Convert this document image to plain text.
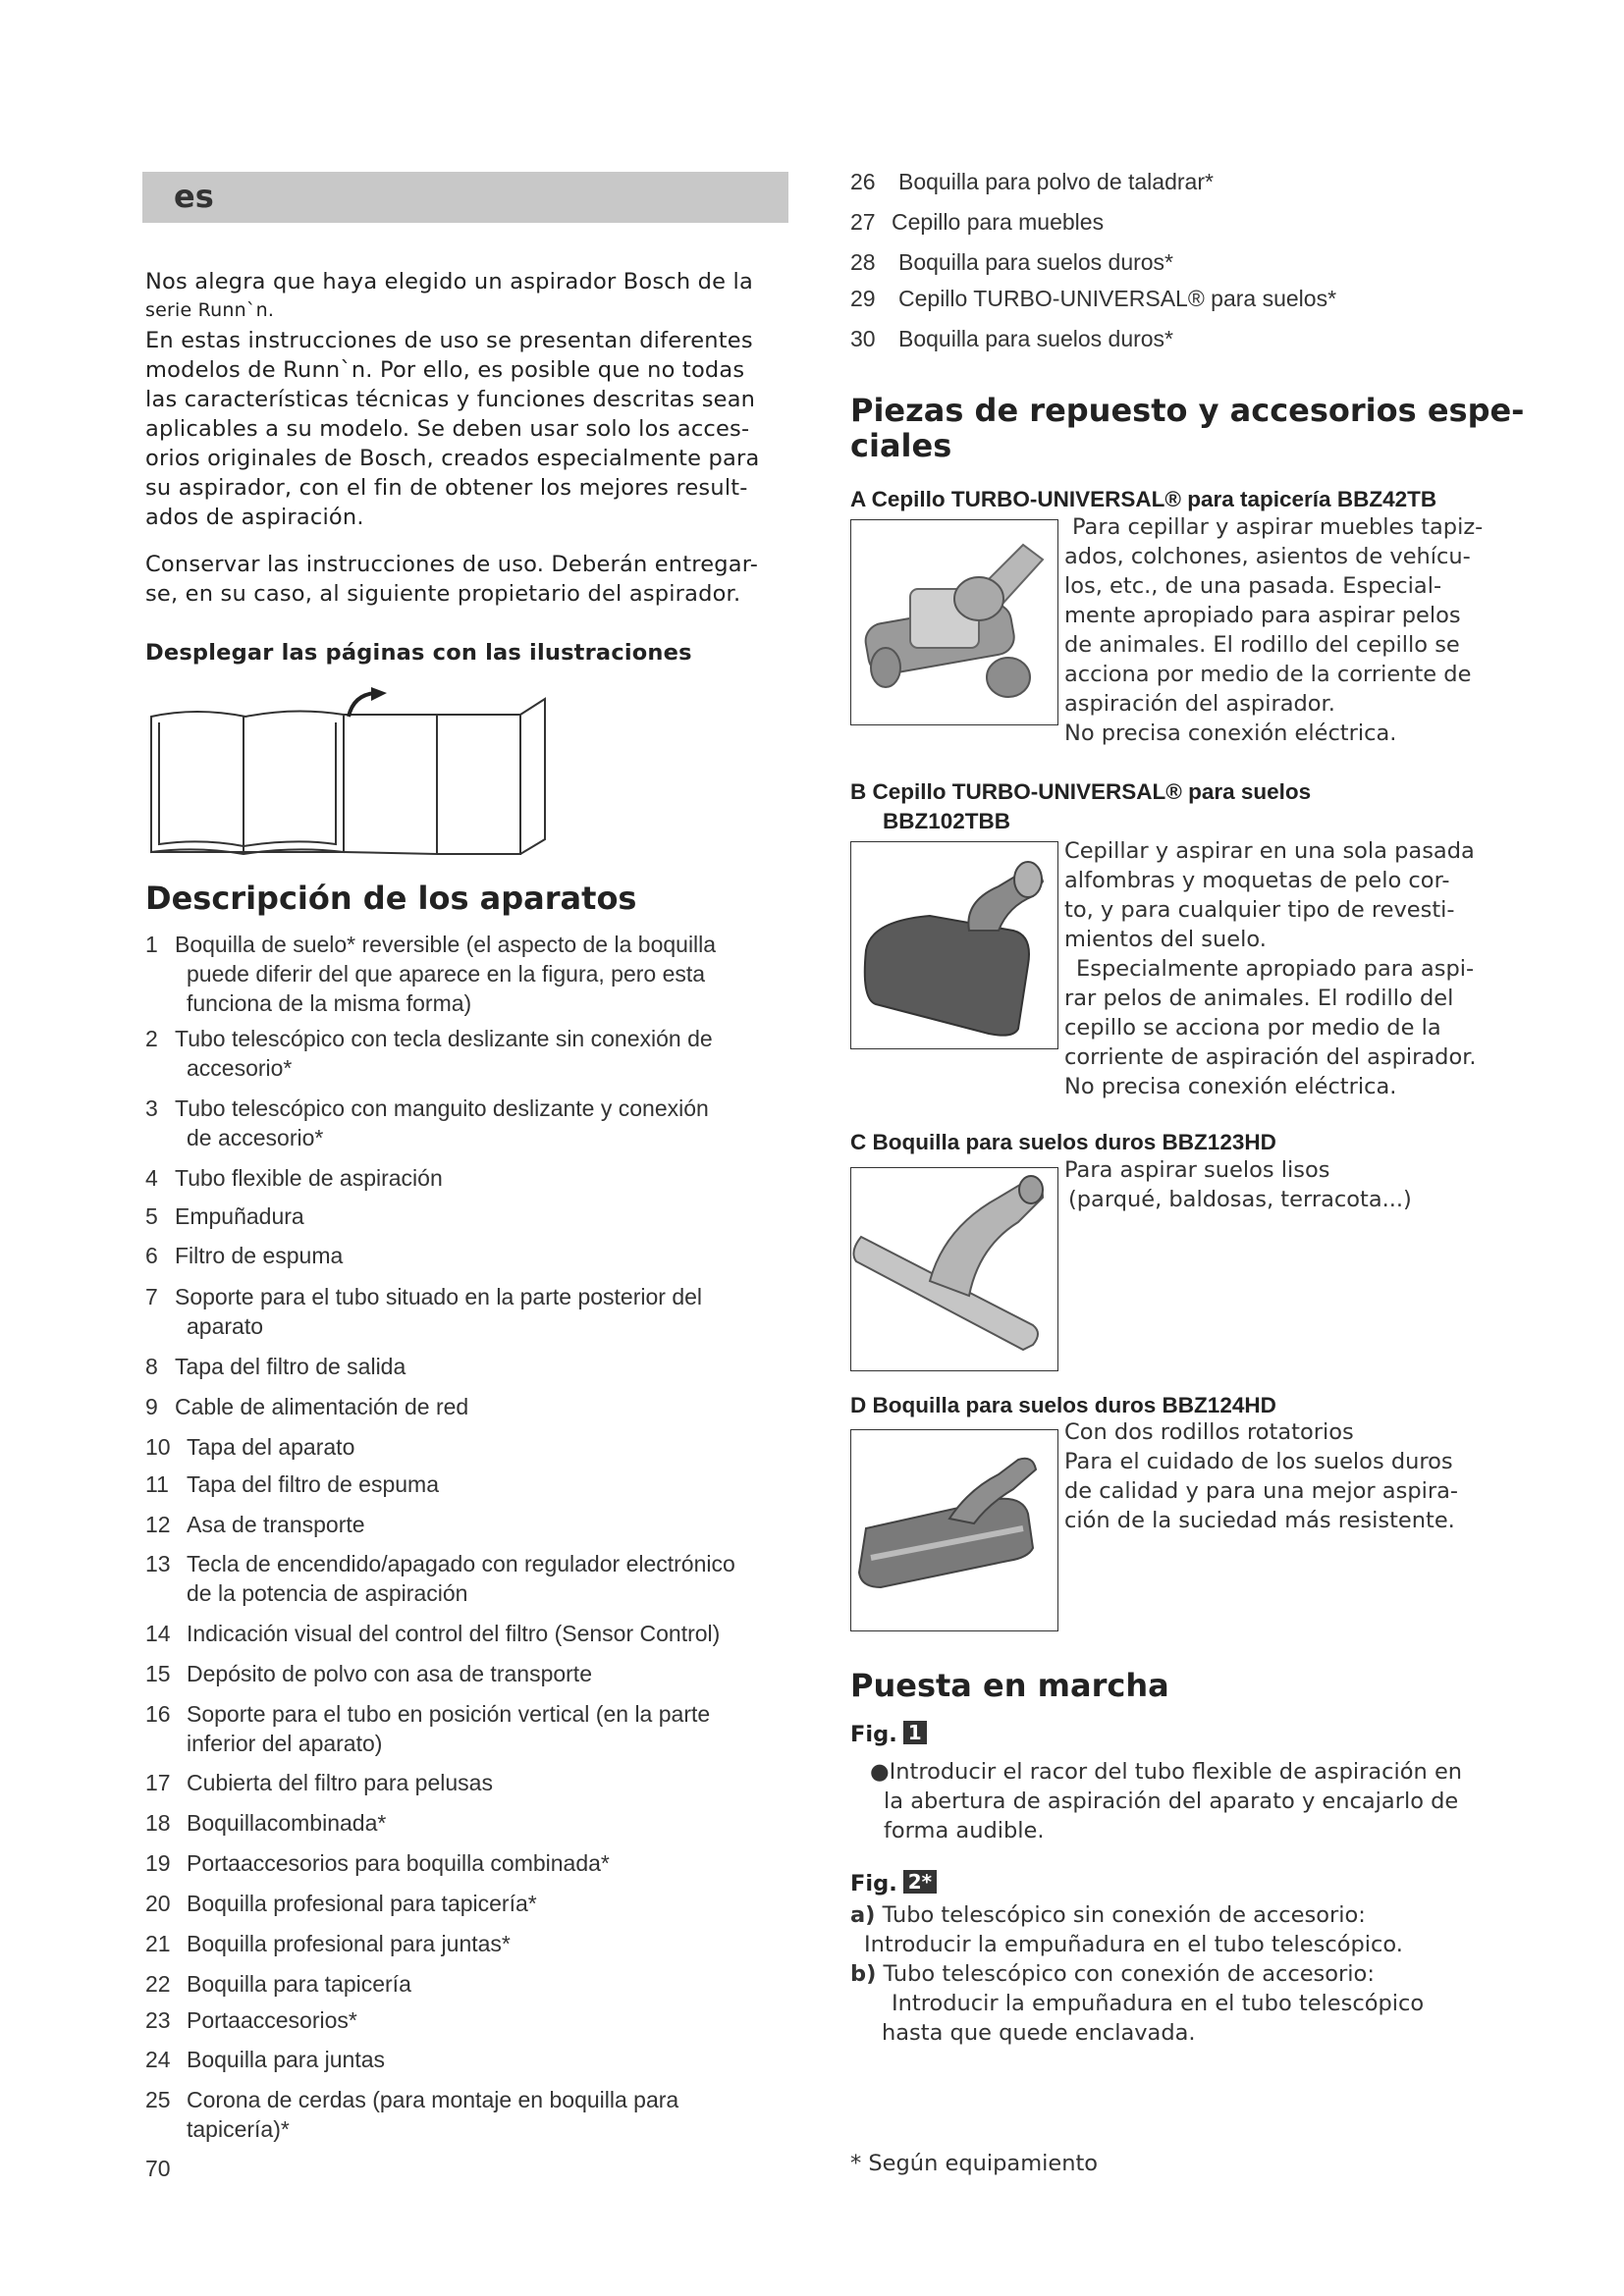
es
Nos alegra que haya elegido un aspirador Bosch de la
serie Runn`n.
En estas instrucciones de uso se presentan diferentes
modelos de Runn`n. Por ello, es posible que no todas
las características técnicas y funciones descritas sean
aplicables a su modelo. Se deben usar solo los acces-
orios originales de Bosch, creados especialmente para
su aspirador, con el fin de obtener los mejores result-
ados de aspiración.
Conservar las instrucciones de uso. Deberán entregar-
se, en su caso, al siguiente propietario del aspirador.
Desplegar las páginas con las ilustraciones
Descripción de los aparatos
1 Boquilla de suelo* reversible (el aspecto de la boquilla
puede diferir del que aparece en la figura, pero esta
funciona de la misma forma)
2 Tubo telescópico con tecla deslizante sin conexión de
accesorio*
3 Tubo telescópico con manguito deslizante y conexión
de accesorio*
4 Tubo flexible de aspiración
5 Empuñadura
6 Filtro de espuma
7 Soporte para el tubo situado en la parte posterior del
aparato
8 Tapa del filtro de salida
9 Cable de alimentación de red
10 Tapa del aparato
11 Tapa del filtro de espuma
12 Asa de transporte
13 Tecla de encendido/apagado con regulador electrónico
de la potencia de aspiración
14 Indicación visual del control del filtro (Sensor Control)
15 Depósito de polvo con asa de transporte
16 Soporte para el tubo en posición vertical (en la parte
inferior del aparato)
17 Cubierta del filtro para pelusas
18 Boquillacombinada*
19 Portaaccesorios para boquilla combinada*
20 Boquilla profesional para tapicería*
21 Boquilla profesional para juntas*
22 Boquilla para tapicería
23 Portaaccesorios*
24 Boquilla para juntas
25 Corona de cerdas (para montaje en boquilla para
tapicería)*
70
26 Boquilla para polvo de taladrar*
27 Cepillo para muebles
28 Boquilla para suelos duros*
29 Cepillo TURBO-UNIVERSAL® para suelos*
30 Boquilla para suelos duros*
Piezas de repuesto y accesorios espe-
ciales
A Cepillo TURBO-UNIVERSAL® para tapicería BBZ42TB
Para cepillar y aspirar muebles tapiz-
ados, colchones, asientos de vehícu-
los, etc., de una pasada. Especial-
mente apropiado para aspirar pelos
de animales. El rodillo del cepillo se
acciona por medio de la corriente de
aspiración del aspirador.
No precisa conexión eléctrica.
B Cepillo TURBO-UNIVERSAL® para suelos
BBZ102TBB
Cepillar y aspirar en una sola pasada
alfombras y moquetas de pelo cor-
to, y para cualquier tipo de revesti-
mientos del suelo.
Especialmente apropiado para aspi-
rar pelos de animales. El rodillo del
cepillo se acciona por medio de la
corriente de aspiración del aspirador.
No precisa conexión eléctrica.
C Boquilla para suelos duros BBZ123HD
Para aspirar suelos lisos
(parqué, baldosas, terracota...)
D Boquilla para suelos duros BBZ124HD
Con dos rodillos rotatorios
Para el cuidado de los suelos duros
de calidad y para una mejor aspira-
ción de la suciedad más resistente.
Puesta en marcha
Fig. 1
●Introducir el racor del tubo flexible de aspiración en
la abertura de aspiración del aparato y encajarlo de
forma audible.
Fig. 2*
a) Tubo telescópico sin conexión de accesorio:
Introducir la empuñadura en el tubo telescópico.
b) Tubo telescópico con conexión de accesorio:
Introducir la empuñadura en el tubo telescópico
hasta que quede enclavada.
* Según equipamiento
